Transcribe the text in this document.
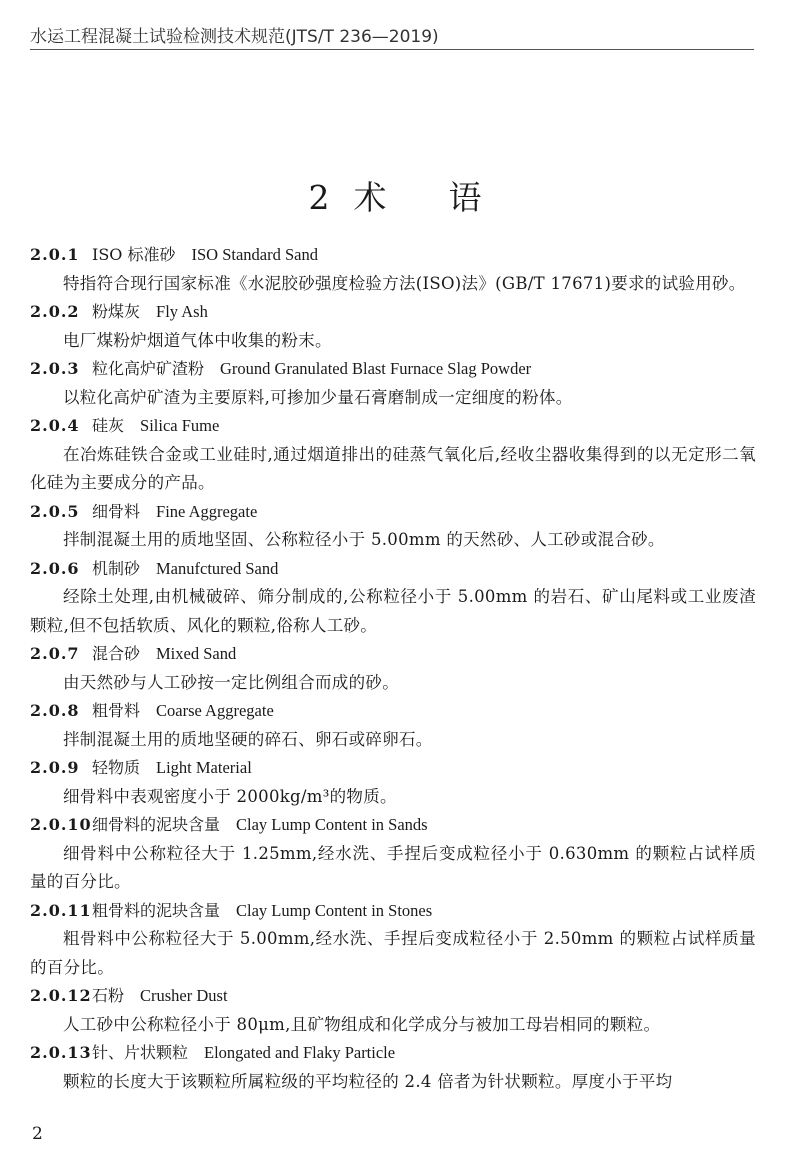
水运工程混凝土试验检测技术规范(JTS/T 236—2019)
2 术 语
2.0.1 ISO 标准砂 ISO Standard Sand
特指符合现行国家标准《水泥胶砂强度检验方法(ISO)法》(GB/T 17671)要求的试验用砂。
2.0.2 粉煤灰 Fly Ash
电厂煤粉炉烟道气体中收集的粉末。
2.0.3 粒化高炉矿渣粉 Ground Granulated Blast Furnace Slag Powder
以粒化高炉矿渣为主要原料,可掺加少量石膏磨制成一定细度的粉体。
2.0.4 硅灰 Silica Fume
在冶炼硅铁合金或工业硅时,通过烟道排出的硅蒸气氧化后,经收尘器收集得到的以无定形二氧化硅为主要成分的产品。
2.0.5 细骨料 Fine Aggregate
拌制混凝土用的质地坚固、公称粒径小于 5.00mm 的天然砂、人工砂或混合砂。
2.0.6 机制砂 Manufctured Sand
经除土处理,由机械破碎、筛分制成的,公称粒径小于 5.00mm 的岩石、矿山尾料或工业废渣颗粒,但不包括软质、风化的颗粒,俗称人工砂。
2.0.7 混合砂 Mixed Sand
由天然砂与人工砂按一定比例组合而成的砂。
2.0.8 粗骨料 Coarse Aggregate
拌制混凝土用的质地坚硬的碎石、卵石或碎卵石。
2.0.9 轻物质 Light Material
细骨料中表观密度小于 2000kg/m³的物质。
2.0.10细骨料的泥块含量 Clay Lump Content in Sands
细骨料中公称粒径大于 1.25mm,经水洗、手捏后变成粒径小于 0.630mm 的颗粒占试样质量的百分比。
2.0.11粗骨料的泥块含量 Clay Lump Content in Stones
粗骨料中公称粒径大于 5.00mm,经水洗、手捏后变成粒径小于 2.50mm 的颗粒占试样质量的百分比。
2.0.12石粉 Crusher Dust
人工砂中公称粒径小于 80μm,且矿物组成和化学成分与被加工母岩相同的颗粒。
2.0.13针、片状颗粒 Elongated and Flaky Particle
颗粒的长度大于该颗粒所属粒级的平均粒径的 2.4 倍者为针状颗粒。厚度小于平均
2
